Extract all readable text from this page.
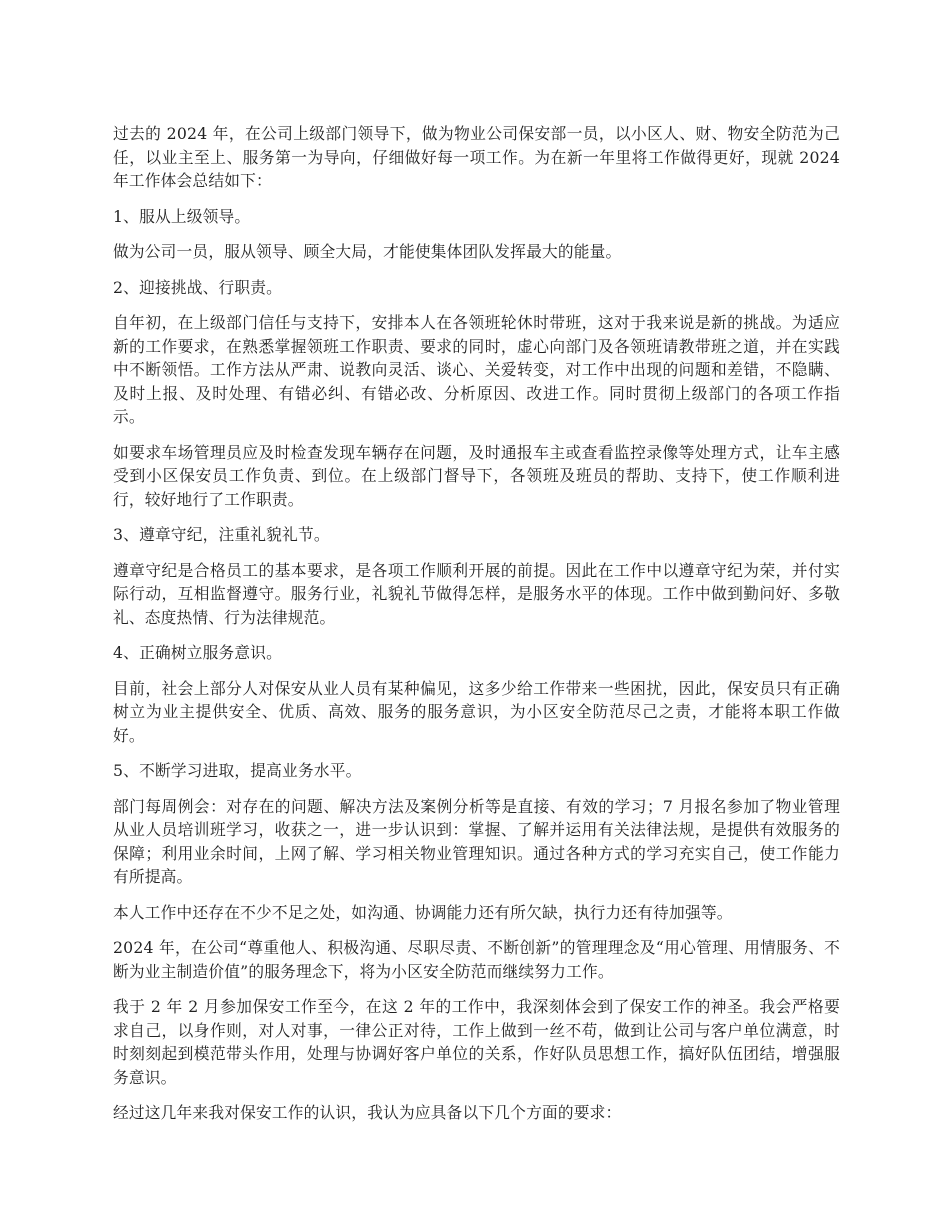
过去的 2024 年，在公司上级部门领导下，做为物业公司保安部一员，以小区人、财、物安全防范为己任，以业主至上、服务第一为导向，仔细做好每一项工作。为在新一年里将工作做得更好，现就 2024 年工作体会总结如下：

1、服从上级领导。

做为公司一员，服从领导、顾全大局，才能使集体团队发挥最大的能量。

2、迎接挑战、行职责。

自年初，在上级部门信任与支持下，安排本人在各领班轮休时带班，这对于我来说是新的挑战。为适应新的工作要求，在熟悉掌握领班工作职责、要求的同时，虚心向部门及各领班请教带班之道，并在实践中不断领悟。工作方法从严肃、说教向灵活、谈心、关爱转变，对工作中出现的问题和差错，不隐瞒、及时上报、及时处理、有错必纠、有错必改、分析原因、改进工作。同时贯彻上级部门的各项工作指示。

如要求车场管理员应及时检查发现车辆存在问题，及时通报车主或查看监控录像等处理方式，让车主感受到小区保安员工作负责、到位。在上级部门督导下，各领班及班员的帮助、支持下，使工作顺利进行，较好地行了工作职责。

3、遵章守纪，注重礼貌礼节。

遵章守纪是合格员工的基本要求，是各项工作顺利开展的前提。因此在工作中以遵章守纪为荣，并付实际行动，互相监督遵守。服务行业，礼貌礼节做得怎样，是服务水平的体现。工作中做到勤问好、多敬礼、态度热情、行为法律规范。

4、正确树立服务意识。

目前，社会上部分人对保安从业人员有某种偏见，这多少给工作带来一些困扰，因此，保安员只有正确树立为业主提供安全、优质、高效、服务的服务意识，为小区安全防范尽己之责，才能将本职工作做好。

5、不断学习进取，提高业务水平。

部门每周例会：对存在的问题、解决方法及案例分析等是直接、有效的学习；7 月报名参加了物业管理从业人员培训班学习，收获之一，进一步认识到：掌握、了解并运用有关法律法规，是提供有效服务的保障；利用业余时间，上网了解、学习相关物业管理知识。通过各种方式的学习充实自己，使工作能力有所提高。

本人工作中还存在不少不足之处，如沟通、协调能力还有所欠缺，执行力还有待加强等。

2024 年，在公司“尊重他人、积极沟通、尽职尽责、不断创新”的管理理念及“用心管理、用情服务、不断为业主制造价值”的服务理念下，将为小区安全防范而继续努力工作。

我于 2 年 2 月参加保安工作至今，在这 2 年的工作中，我深刻体会到了保安工作的神圣。我会严格要求自己，以身作则，对人对事，一律公正对待，工作上做到一丝不苟，做到让公司与客户单位满意，时时刻刻起到模范带头作用，处理与协调好客户单位的关系，作好队员思想工作，搞好队伍团结，增强服务意识。

经过这几年来我对保安工作的认识，我认为应具备以下几个方面的要求：
